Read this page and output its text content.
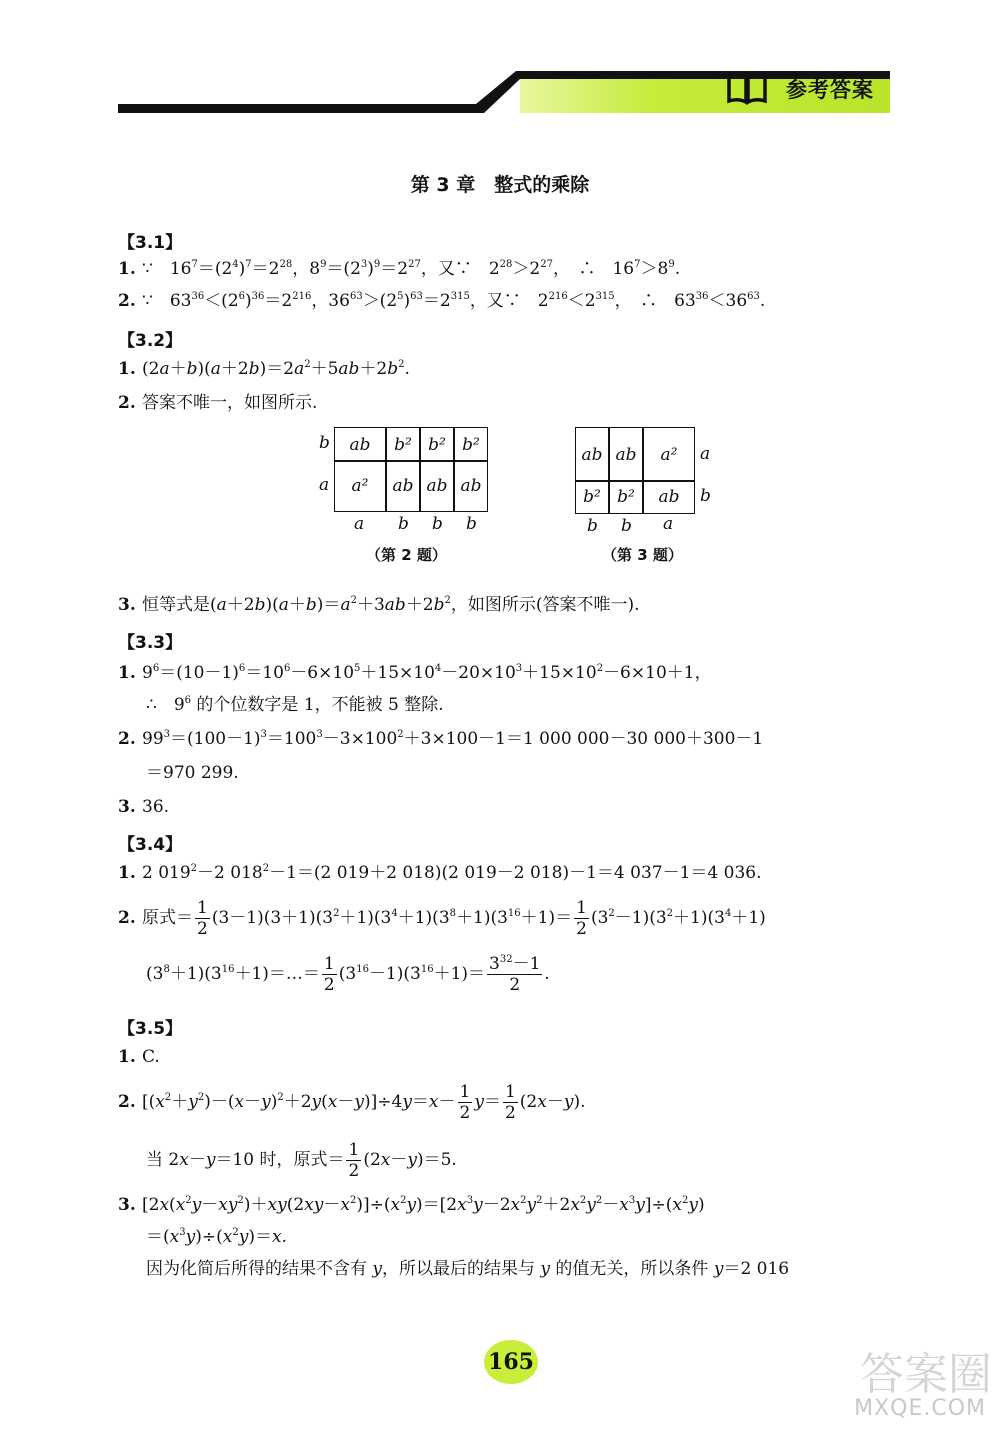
参考答案
第 3 章　整式的乘除
【3.1】
1. ∵　$16^7=(2^4)^7=2^{28}$，$8^9=(2^3)^9=2^{27}$，又∵　$2^{28}>2^{27}$，　∴　$16^7>8^9$.
2. ∵　$63^{36}<(2^6)^{36}=2^{216}$，$36^{63}>(2^5)^{63}=2^{315}$，又∵　$2^{216}<2^{315}$，　∴　$63^{36}<36^{63}$.
【3.2】
1. $(2a+b)(a+2b)=2a^2+5ab+2b^2$.
2. 答案不唯一，如图所示.
ab	b² b² b²
a²	ab ab ab
b
a
a b b b
（第 2 题）
ab ab	a²
b² b²	ab
a
b
b b a
（第 3 题）
3. 恒等式是$(a+2b)(a+b)=a^2+3ab+2b^2$，如图所示(答案不唯一).
【3.3】
1. $9^6=(10-1)^6=10^6-6\times 10^5+15\times 10^4-20\times 10^3+15\times 10^2-6\times 10+1$，
∴　$9^6$ 的个位数字是 1，不能被 5 整除.
2. $99^3=(100-1)^3=100^3-3\times 100^2+3\times 100-1=1$ 000 000－30 000＋300－1
＝970 299.
3. 36.
【3.4】
1. 2 $019^2-2$ $018^2-1=(2$ 019＋2 018)(2 019－2 018)－1＝4 037－1＝4 036.
2. 原式＝ $\frac{1}{2} (3-1)(3+1)(3^2+1)(3^4+1)(3^8+1)(3^{16}+1)= \frac{1}{2} (3^2-1)(3^2+1)(3^4+1)$
$(3^8+1)(3^{16}+1)=\dots= \frac{1}{2} (3^{16}-1)(3^{16}+1)= \frac{3^{32}-1}{2}$ .
【3.5】
1. C.
2. $[(x^2+y^2)-(x-y)^2+2y(x-y)]\div 4y=x- \frac{1}{2} y= \frac{1}{2} (2x-y)$.
当 2x－y＝10 时，原式＝ $\frac{1}{2} (2x-y)=5$.
3. $[2x(x^2y-xy^2)+xy(2xy-x^2)]\div(x^2y)=[2x^3y-2x^2y^2+2x^2y^2-x^3y]\div(x^2y)$
$=(x^3y)\div(x^2y)=x$.
因为化简后所得的结果不含有 y，所以最后的结果与 y 的值无关，所以条件 y＝2 016
165	答案圈
MXQE.COM
